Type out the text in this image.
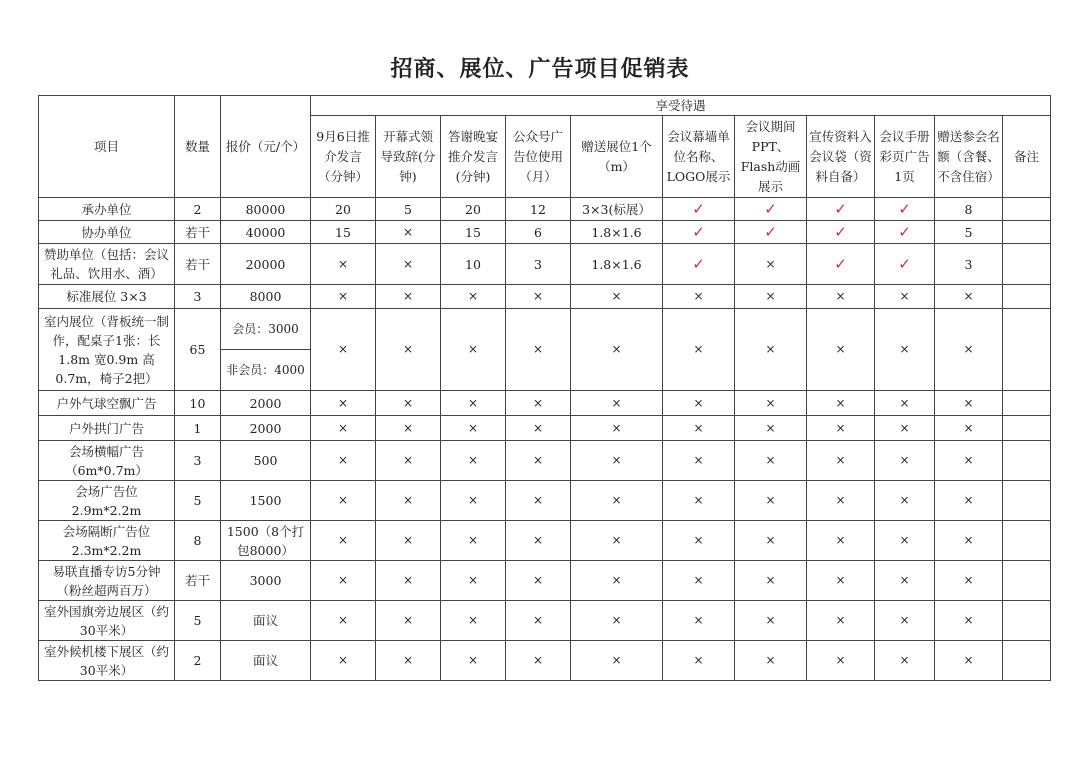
招商、展位、广告项目促销表
项目	数量	报价（元/个）	享受待遇										
			9月6日推介发言（分钟）	开幕式领导致辞(分钟)	答谢晚宴推介发言(分钟)	公众号广告位使用（月）	赠送展位1个（m）	会议幕墙单位名称、LOGO展示	会议期间PPT、Flash动画展示	宣传资料入会议袋（资料自备）	会议手册彩页广告1页	赠送参会名额（含餐、不含住宿）	备注
承办单位	2	80000	20	5	20	12	3×3(标展）	✓	✓	✓	✓	8	
协办单位	若干	40000	15	×	15	6	1.8×1.6	✓	✓	✓	✓	5	
赞助单位（包括：会议礼品、饮用水、酒）	若干	20000	×	×	10	3	1.8×1.6	✓	×	✓	✓	3	
标准展位 3×3	3	8000	×	×	×	×	×	×	×	×	×	×	
室内展位（背板统一制作，配桌子1张：长1.8m 宽0.9m 高0.7m，椅子2把）	65	会员：3000	×	×	×	×	×	×	×	×	×	×	
		非会员：4000											
户外气球空飘广告	10	2000	×	×	×	×	×	×	×	×	×	×	
户外拱门广告	1	2000	×	×	×	×	×	×	×	×	×	×	
会场横幅广告（6m*0.7m）	3	500	×	×	×	×	×	×	×	×	×	×	
会场广告位 2.9m*2.2m	5	1500	×	×	×	×	×	×	×	×	×	×	
会场隔断广告位 2.3m*2.2m	8	1500（8个打包8000）	×	×	×	×	×	×	×	×	×	×	
易联直播专访5分钟（粉丝超两百万）	若干	3000	×	×	×	×	×	×	×	×	×	×	
室外国旗旁边展区（约30平米）	5	面议	×	×	×	×	×	×	×	×	×	×	
室外候机楼下展区（约30平米）	2	面议	×	×	×	×	×	×	×	×	×	×	
